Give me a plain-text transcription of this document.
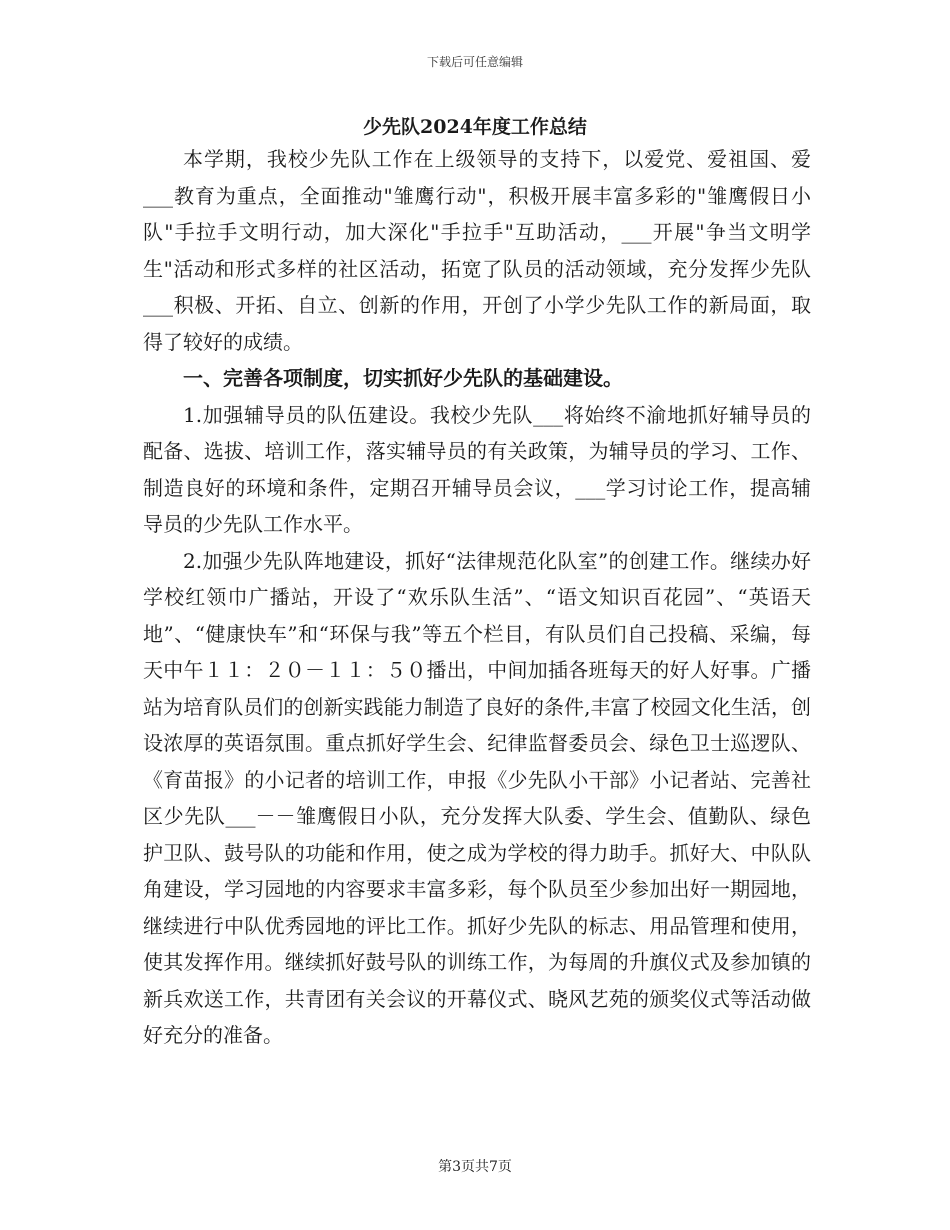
下载后可任意编辑
少先队2024年度工作总结

本学期，我校少先队工作在上级领导的支持下，以爱党、爱祖国、爱___教育为重点，全面推动"雏鹰行动"，积极开展丰富多彩的"雏鹰假日小队"手拉手文明行动，加大深化"手拉手"互助活动，___开展"争当文明学生"活动和形式多样的社区活动，拓宽了队员的活动领域，充分发挥少先队___积极、开拓、自立、创新的作用，开创了小学少先队工作的新局面，取得了较好的成绩。

一、完善各项制度，切实抓好少先队的基础建设。

1.加强辅导员的队伍建设。我校少先队___将始终不渝地抓好辅导员的配备、选拔、培训工作，落实辅导员的有关政策，为辅导员的学习、工作、制造良好的环境和条件，定期召开辅导员会议，___学习讨论工作，提高辅导员的少先队工作水平。

2.加强少先队阵地建设，抓好“法律规范化队室”的创建工作。继续办好学校红领巾广播站，开设了“欢乐队生活”、“语文知识百花园”、“英语天地”、“健康快车”和“环保与我”等五个栏目，有队员们自己投稿、采编，每天中午１１：２０－１１：５０播出，中间加插各班每天的好人好事。广播站为培育队员们的创新实践能力制造了良好的条件,丰富了校园文化生活，创设浓厚的英语氛围。重点抓好学生会、纪律监督委员会、绿色卫士巡逻队、《育苗报》的小记者的培训工作，申报《少先队小干部》小记者站、完善社区少先队___－－雏鹰假日小队，充分发挥大队委、学生会、值勤队、绿色护卫队、鼓号队的功能和作用，使之成为学校的得力助手。抓好大、中队队角建设，学习园地的内容要求丰富多彩，每个队员至少参加出好一期园地，继续进行中队优秀园地的评比工作。抓好少先队的标志、用品管理和使用，使其发挥作用。继续抓好鼓号队的训练工作，为每周的升旗仪式及参加镇的新兵欢送工作，共青团有关会议的开幕仪式、晓风艺苑的颁奖仪式等活动做好充分的准备。

第3页共7页
